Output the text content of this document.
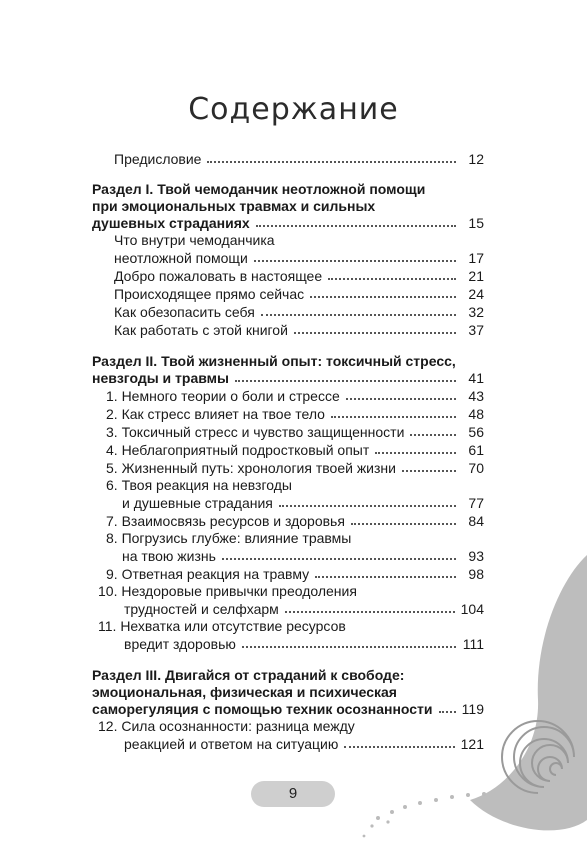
Содержание
Предисловие	12
Раздел I. Твой чемоданчик неотложной помощи
при эмоциональных травмах и сильных
душевных страданиях	15
Что внутри чемоданчика
неотложной помощи	17
Добро пожаловать в настоящее	21
Происходящее прямо сейчас	24
Как обезопасить себя	32
Как работать с этой книгой	37
Раздел II. Твой жизненный опыт: токсичный стресс,
невзгоды и травмы	41
1. Немного теории о боли и стрессе	43
2. Как стресс влияет на твое тело	48
3. Токсичный стресс и чувство защищенности	56
4. Неблагоприятный подростковый опыт	61
5. Жизненный путь: хронология твоей жизни	70
6. Твоя реакция на невзгоды
и душевные страдания	77
7. Взаимосвязь ресурсов и здоровья	84
8. Погрузись глубже: влияние травмы
на твою жизнь	93
9. Ответная реакция на травму	98
10. Нездоровые привычки преодоления
трудностей и селфхарм	104
11. Нехватка или отсутствие ресурсов
вредит здоровью	111
Раздел III. Двигайся от страданий к свободе:
эмоциональная, физическая и психическая
саморегуляция с помощью техник осознанности 119
12. Сила осознанности: разница между
реакцией и ответом на ситуацию	121
9
